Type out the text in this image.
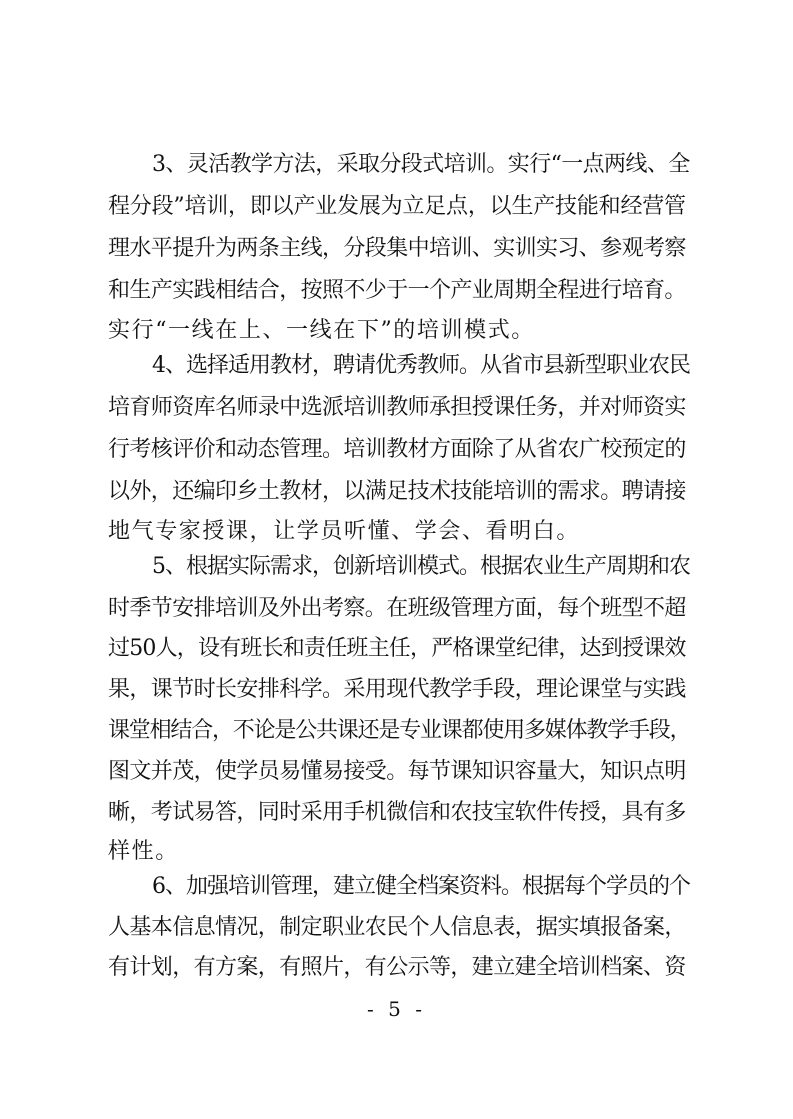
3、灵活教学方法，采取分段式培训。实行“一点两线、全

程分段”培训，即以产业发展为立足点，以生产技能和经营管

理水平提升为两条主线，分段集中培训、实训实习、参观考察

和生产实践相结合，按照不少于一个产业周期全程进行培育。

实行“一线在上、一线在下”的培训模式。

4、选择适用教材，聘请优秀教师。从省市县新型职业农民

培育师资库名师录中选派培训教师承担授课任务，并对师资实

行考核评价和动态管理。培训教材方面除了从省农广校预定的

以外，还编印乡土教材，以满足技术技能培训的需求。聘请接

地气专家授课，让学员听懂、学会、看明白。

5、根据实际需求，创新培训模式。根据农业生产周期和农

时季节安排培训及外出考察。在班级管理方面，每个班型不超

过50人，设有班长和责任班主任，严格课堂纪律，达到授课效

果，课节时长安排科学。采用现代教学手段，理论课堂与实践

课堂相结合，不论是公共课还是专业课都使用多媒体教学手段，

图文并茂，使学员易懂易接受。每节课知识容量大，知识点明

晰，考试易答，同时采用手机微信和农技宝软件传授，具有多

样性。

6、加强培训管理，建立健全档案资料。根据每个学员的个

人基本信息情况，制定职业农民个人信息表，据实填报备案，

有计划，有方案，有照片，有公示等，建立建全培训档案、资

- 5 -
